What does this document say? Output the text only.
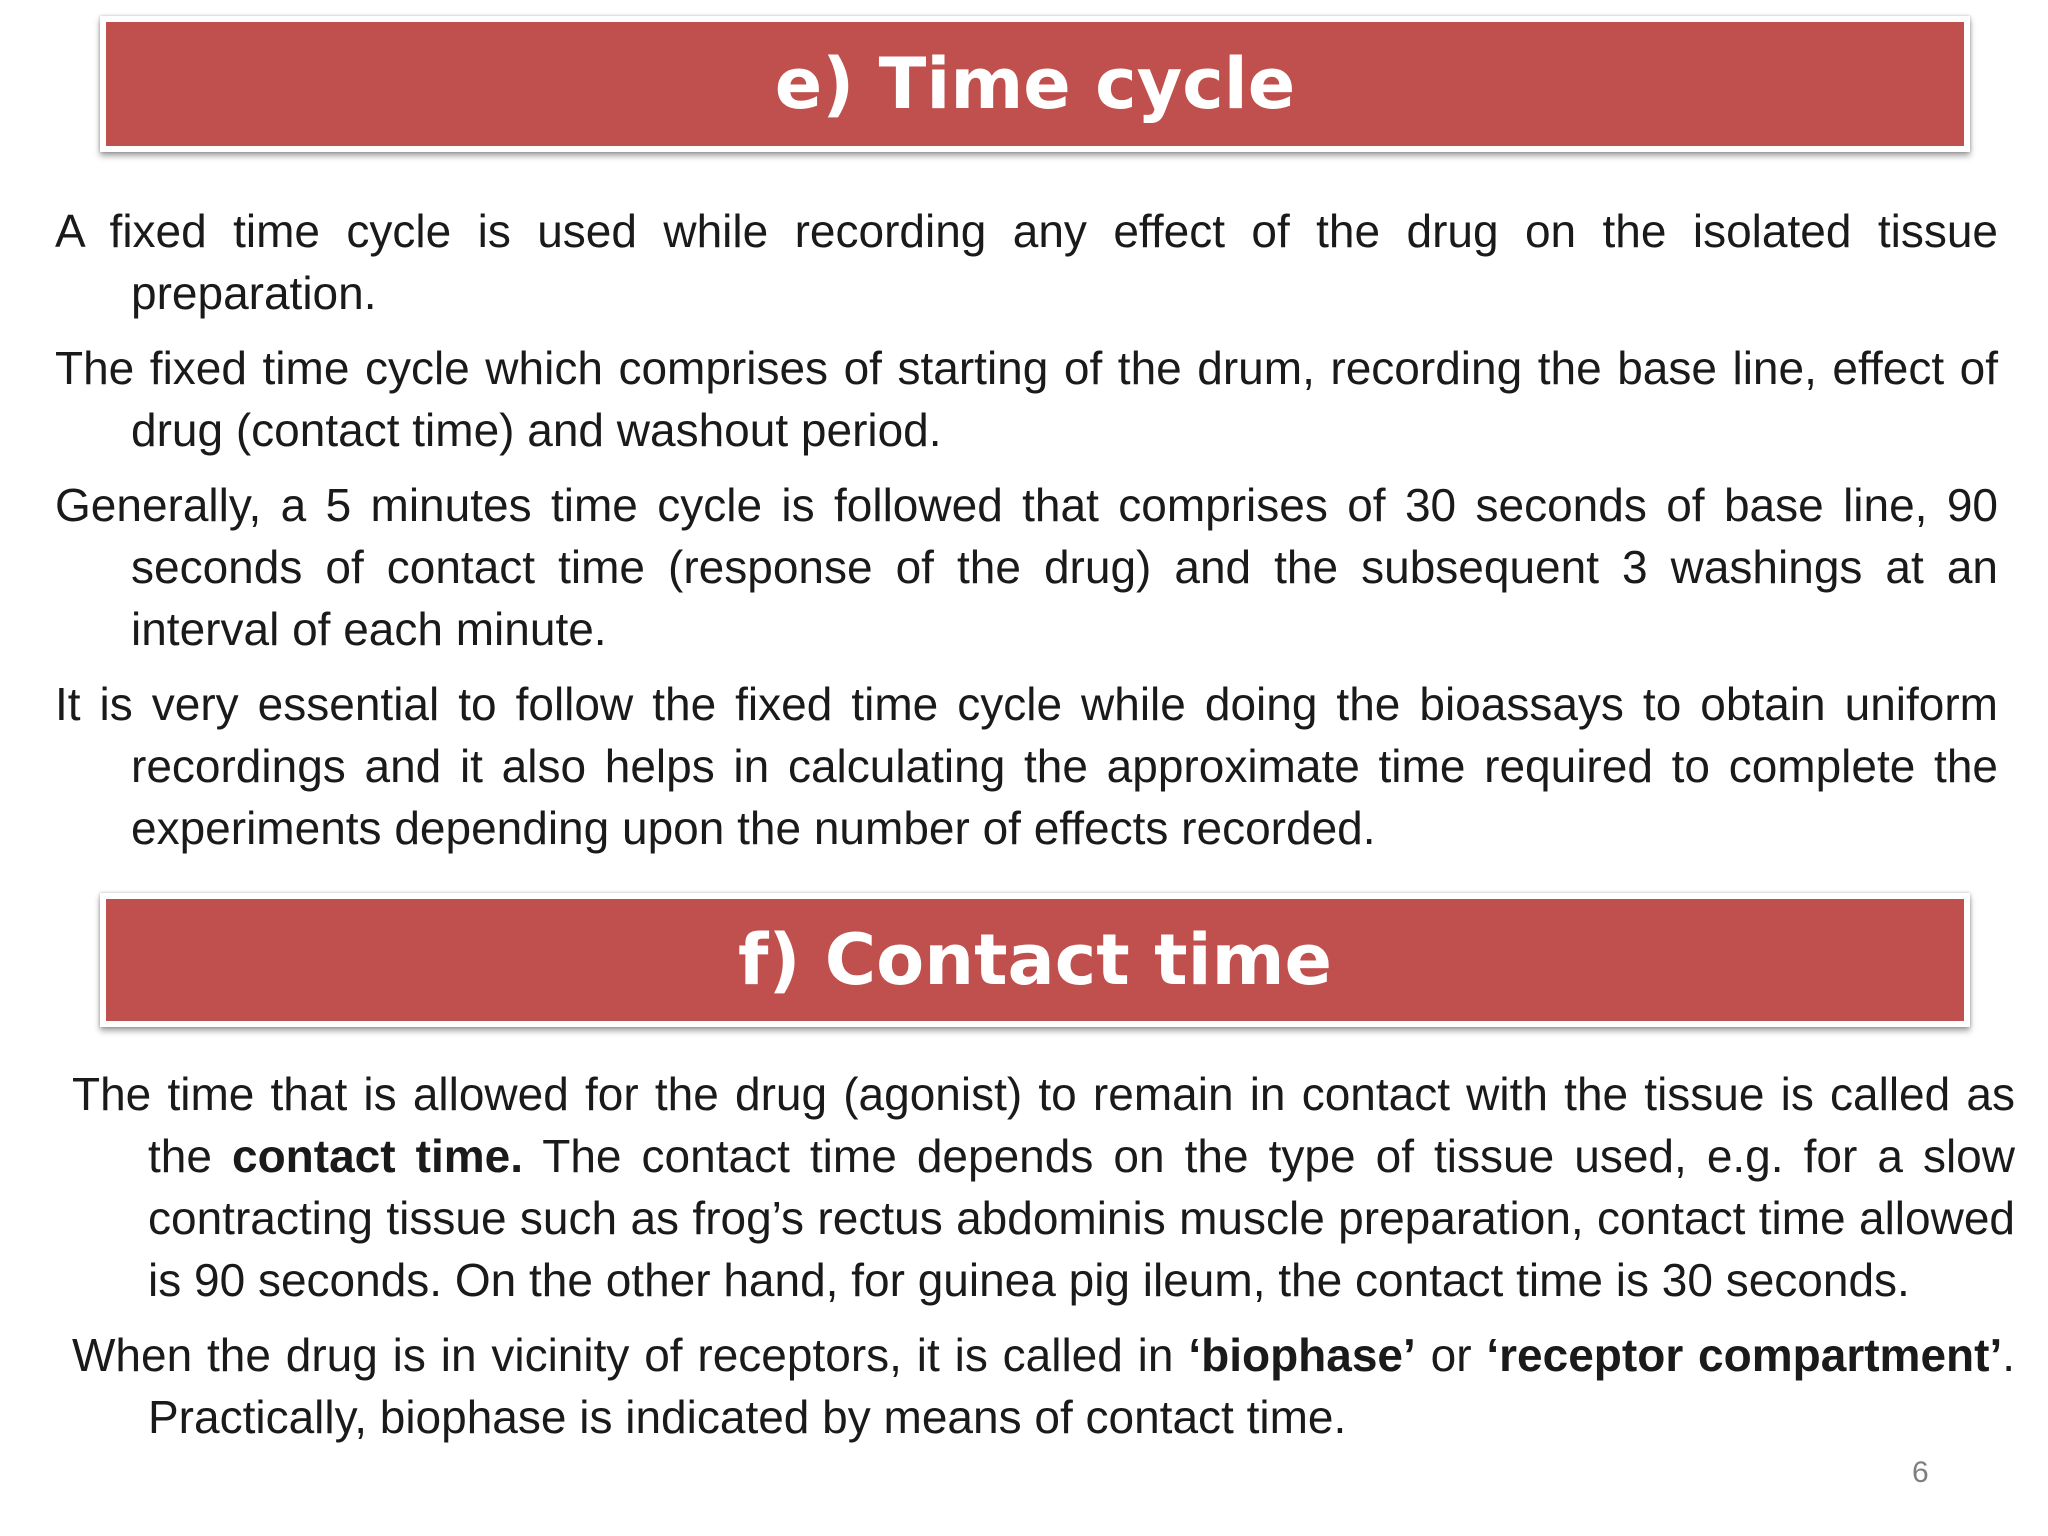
e) Time cycle

A fixed time cycle is used while recording any effect of the drug on the isolated tissue preparation.

The fixed time cycle which comprises of starting of the drum, recording the base line, effect of drug (contact time) and washout period.

Generally, a 5 minutes time cycle is followed that comprises of 30 seconds of base line, 90 seconds of contact time (response of the drug) and the subsequent 3 washings at an interval of each minute.

It is very essential to follow the fixed time cycle while doing the bioassays to obtain uniform recordings and it also helps in calculating the approximate time required to complete the experiments depending upon the number of effects recorded.

f) Contact time

The time that is allowed for the drug (agonist) to remain in contact with the tissue is called as the contact time. The contact time depends on the type of tissue used, e.g. for a slow contracting tissue such as frog’s rectus abdominis muscle preparation, contact time allowed is 90 seconds. On the other hand, for guinea pig ileum, the contact time is 30 seconds.

When the drug is in vicinity of receptors, it is called in ‘biophase’ or ‘receptor compartment’. Practically, biophase is indicated by means of contact time.

6
